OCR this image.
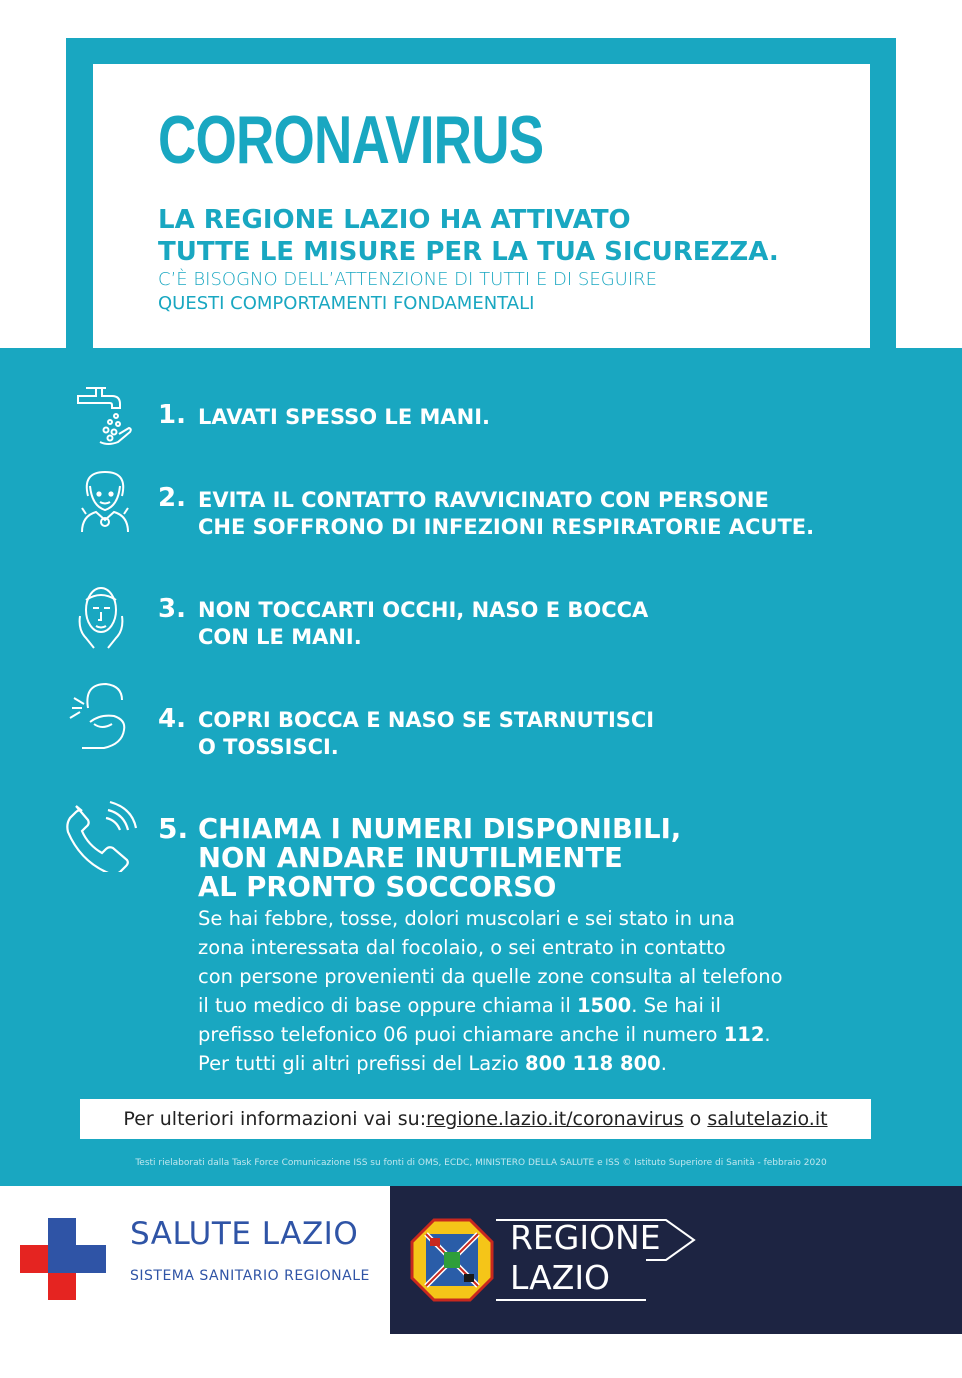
CORONAVIRUS
LA REGIONE LAZIO HA ATTIVATO
TUTTE LE MISURE PER LA TUA SICUREZZA.
C’È BISOGNO DELL’ATTENZIONE DI TUTTI E DI SEGUIRE
QUESTI COMPORTAMENTI FONDAMENTALI
1. LAVATI SPESSO LE MANI.
2. EVITA IL CONTATTO RAVVICINATO CON PERSONE
CHE SOFFRONO DI INFEZIONI RESPIRATORIE ACUTE.
3. NON TOCCARTI OCCHI, NASO E BOCCA
CON LE MANI.
4. COPRI BOCCA E NASO SE STARNUTISCI
O TOSSISCI.
5. CHIAMA I NUMERI DISPONIBILI,
NON ANDARE INUTILMENTE
AL PRONTO SOCCORSO
Se hai febbre, tosse, dolori muscolari e sei stato in una
zona interessata dal focolaio, o sei entrato in contatto
con persone provenienti da quelle zone consulta al telefono
il tuo medico di base oppure chiama il 1500. Se hai il
prefisso telefonico 06 puoi chiamare anche il numero 112.
Per tutti gli altri prefissi del Lazio 800 118 800.
Per ulteriori informazioni vai su: regione.lazio.it/coronavirus o salutelazio.it
Testi rielaborati dalla Task Force Comunicazione ISS su fonti di OMS, ECDC, MINISTERO DELLA SALUTE e ISS © Istituto Superiore di Sanità - febbraio 2020
SALUTE LAZIO
SISTEMA SANITARIO REGIONALE
REGIONE
LAZIO
